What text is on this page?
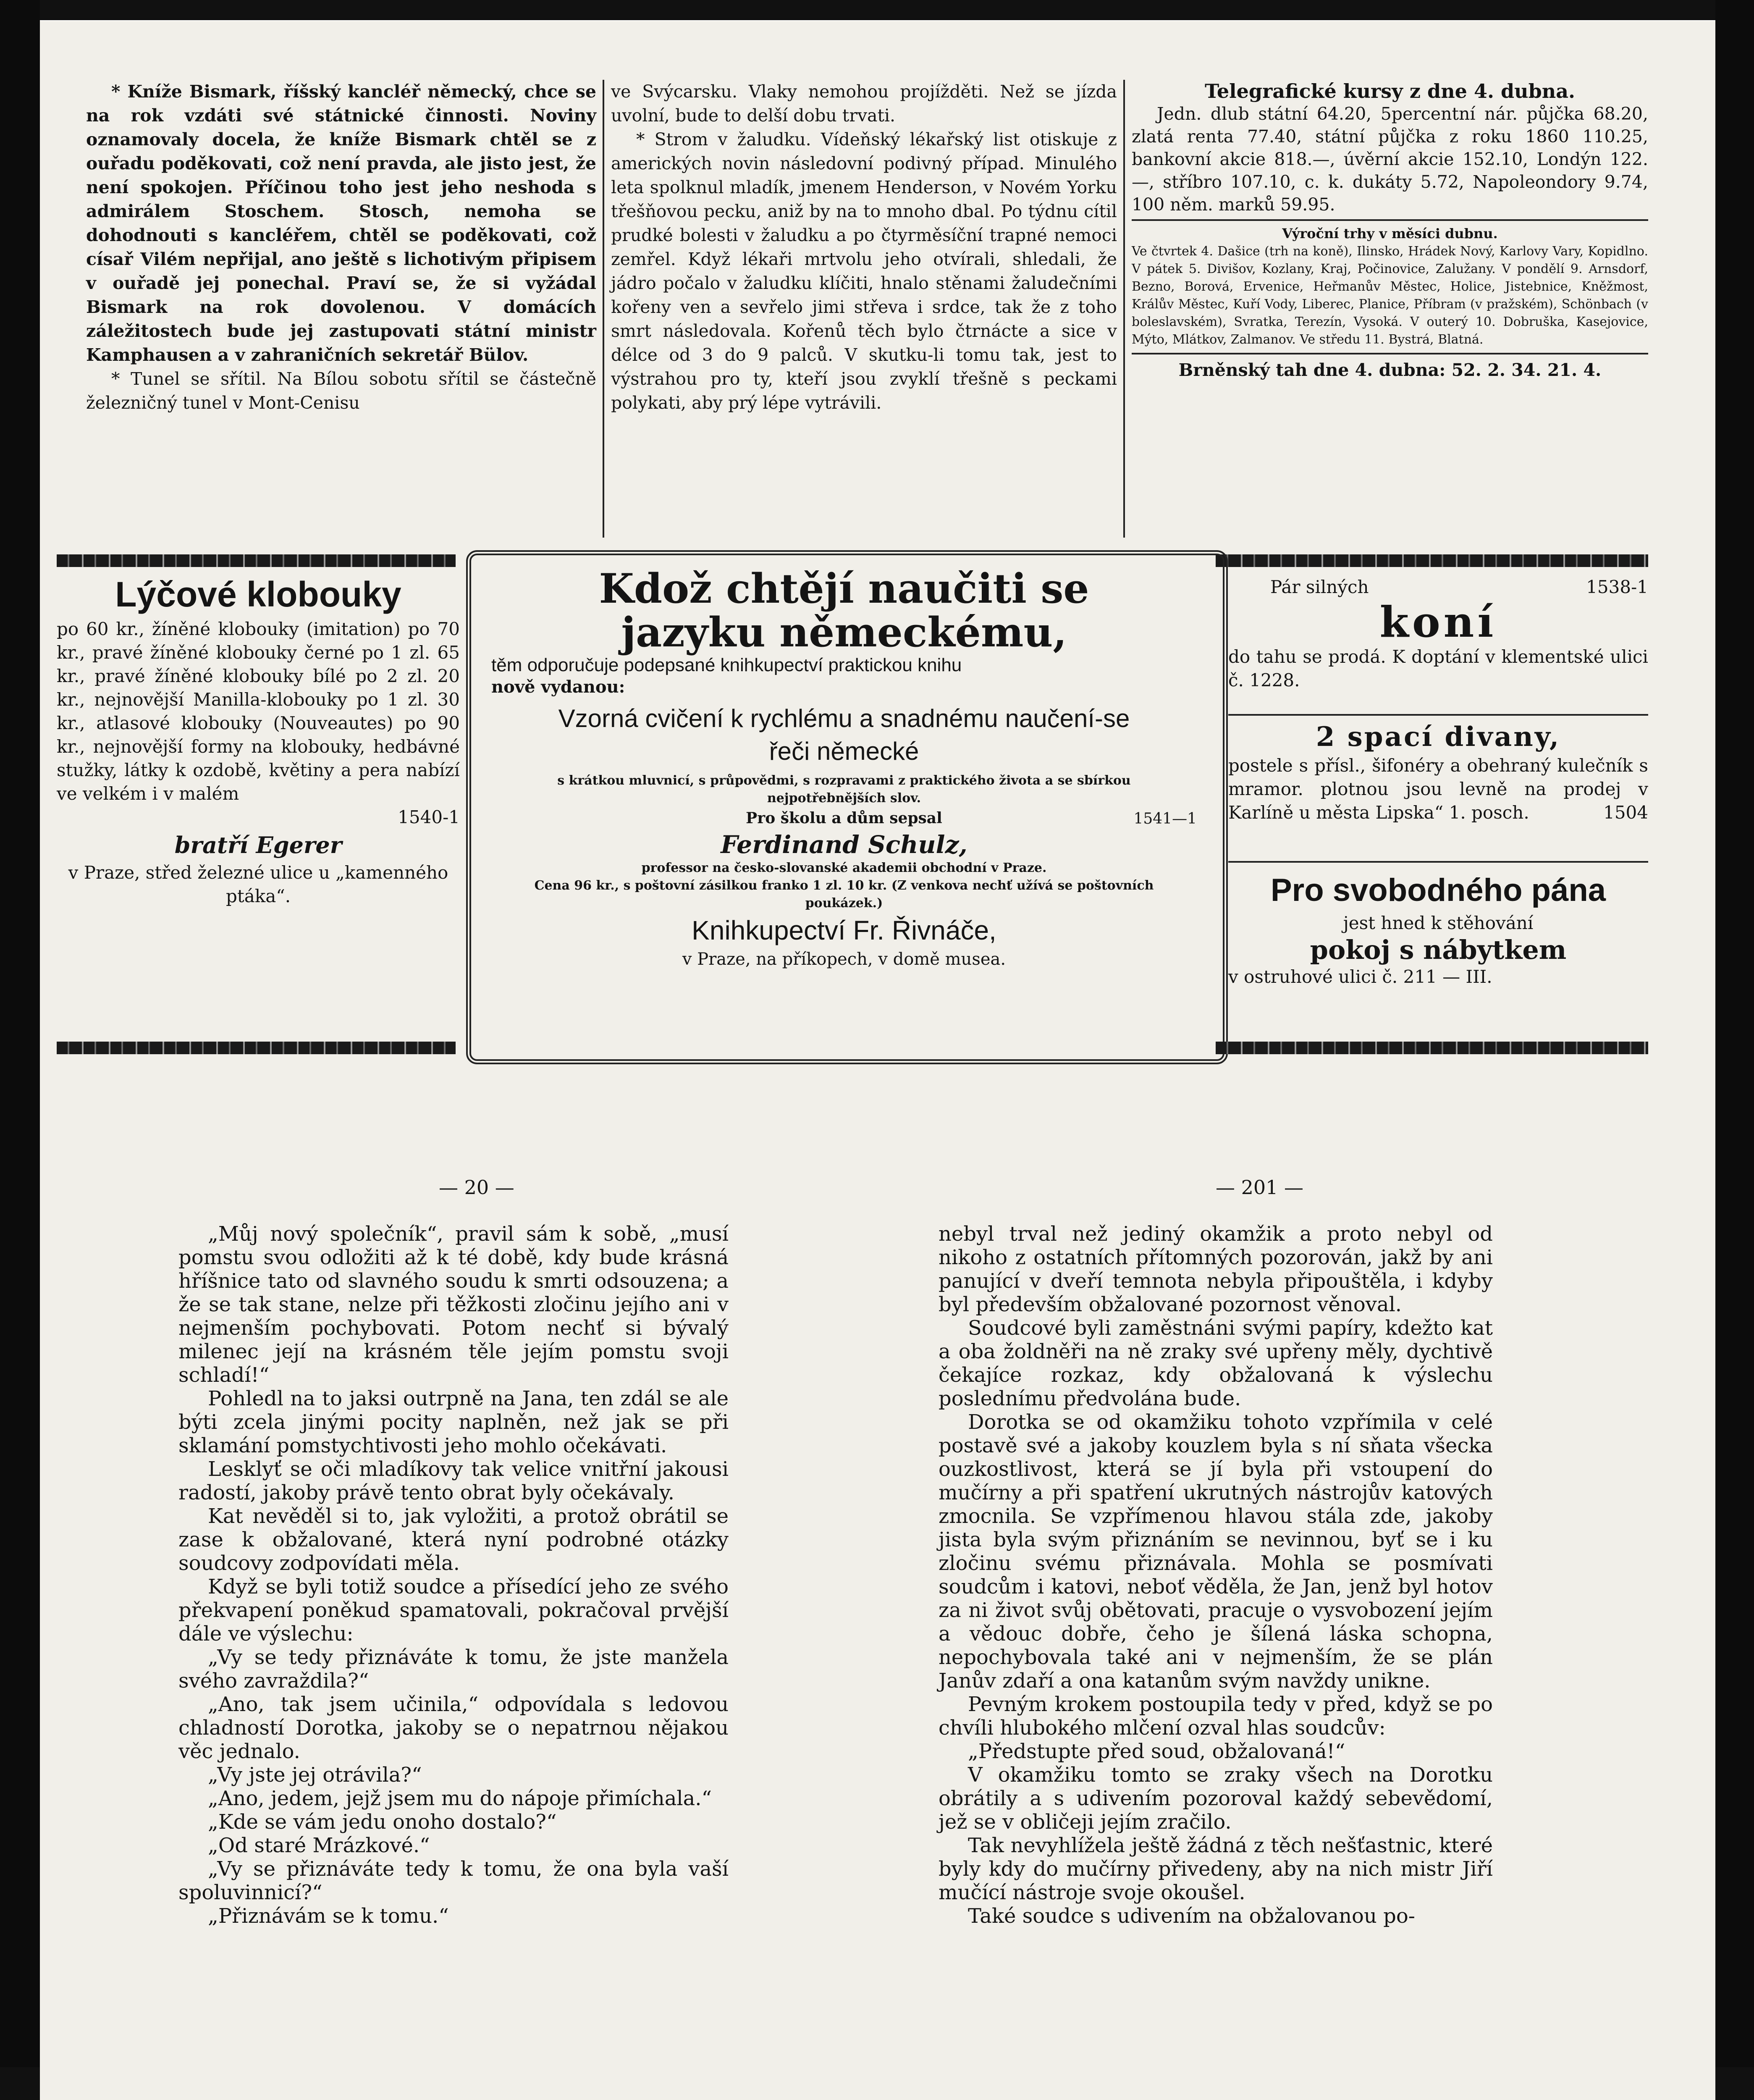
* Kníže Bismark, říšský kancléř německý, chce se na rok vzdáti své státnické činnosti. Noviny oznamovaly docela, že kníže Bismark chtěl se z ouřadu poděkovati, což není pravda, ale jisto jest, že není spokojen. Příčinou toho jest jeho neshoda s admirálem Stoschem. Stosch, nemoha se dohodnouti s kancléřem, chtěl se poděkovati, což císař Vilém nepřijal, ano ještě s lichotivým připisem v ouřadě jej ponechal. Praví se, že si vyžádal Bismark na rok dovolenou. V domácích záležitostech bude jej zastupovati státní ministr Kamphausen a v zahraničních sekretář Bülov.

* Tunel se sřítil. Na Bílou sobotu sřítil se částečně železničný tunel v Mont-Cenisu

ve Svýcarsku. Vlaky nemohou projížděti. Než se jízda uvolní, bude to delší dobu trvati.

* Strom v žaludku. Vídeňský lékařský list otiskuje z amerických novin následovní podivný případ. Minulého leta spolknul mladík, jmenem Henderson, v Novém Yorku třešňovou pecku, aniž by na to mnoho dbal. Po týdnu cítil prudké bolesti v žaludku a po čtyrměsíční trapné nemoci zemřel. Když lékaři mrtvolu jeho otvírali, shledali, že jádro počalo v žaludku klíčiti, hnalo stěnami žaludečními kořeny ven a sevřelo jimi střeva i srdce, tak že z toho smrt následovala. Kořenů těch bylo čtrnácte a sice v délce od 3 do 9 palců. V skutku-li tomu tak, jest to výstrahou pro ty, kteří jsou zvyklí třešně s peckami polykati, aby prý lépe vytrávili.

Telegrafické kursy z dne 4. dubna.

Jedn. dlub státní 64.20, 5percentní nár. půjčka 68.20, zlatá renta 77.40, státní půjčka z roku 1860 110.25, bankovní akcie 818.—, úvěrní akcie 152.10, Londýn 122.—, stříbro 107.10, c. k. dukáty 5.72, Napoleondory 9.74, 100 něm. marků 59.95.

Výroční trhy v měsíci dubnu.
Ve čtvrtek 4. Dašice (trh na koně), Ilinsko, Hrádek Nový, Karlovy Vary, Kopidlno. V pátek 5. Divišov, Kozlany, Kraj, Počinovice, Zalužany. V pondělí 9. Arnsdorf, Bezno, Borová, Ervenice, Heřmanův Městec, Holice, Jistebnice, Kněžmost, Králův Městec, Kuří Vody, Liberec, Planice, Příbram (v pražském), Schönbach (v boleslavském), Svratka, Terezín, Vysoká. V outerý 10. Dobruška, Kasejovice, Mýto, Mlátkov, Zalmanov. Ve středu 11. Bystrá, Blatná.
Brněnský tah dne 4. dubna: 52. 2. 34. 21. 4.
Lýčové klobouky
po 60 kr., žíněné klobouky (imitation) po 70 kr., pravé žíněné klobouky černé po 1 zl. 65 kr., pravé žíněné klobouky bílé po 2 zl. 20 kr., nejnovější Manilla-klobouky po 1 zl. 30 kr., atlasové klobouky (Nouveautes) po 90 kr., nejnovější formy na klobouky, hedbávné stužky, látky k ozdobě, květiny a pera nabízí ve velkém i v malém
1540-1
bratří Egerer
v Praze, střed železné ulice u „kamenného ptáka“.
Kdož chtějí naučiti se
jazyku německému,
těm odporučuje podepsané knihkupectví praktickou knihu
nově vydanou:
Vzorná cvičení k rychlému a snadnému naučení-se řeči německé
s krátkou mluvnicí, s průpovědmi, s rozpravami z praktického života a se sbírkou nejpotřebnějších slov.
Pro školu a dům sepsal	1541—1
Ferdinand Schulz,
professor na česko-slovanské akademii obchodní v Praze.
Cena 96 kr., s poštovní zásilkou franko 1 zl. 10 kr. (Z venkova nechť užívá se poštovních poukázek.)
Knihkupectví Fr. Řivnáče,
v Praze, na příkopech, v domě musea.
Pár silných	1538-1
koní
do tahu se prodá. K doptání v klementské ulici č. 1228.
2 spací divany,
postele s přísl., šifonéry a obehraný kulečník s mramor. plotnou jsou levně na prodej v Karlíně u města Lipska“ 1. posch.	1504
Pro svobodného pána
jest hned k stěhování
pokoj s nábytkem
v ostruhové ulici č. 211 — III.
— 20 —	— 201 —

„Můj nový společník“, pravil sám k sobě, „musí pomstu svou odložiti až k té době, kdy bude krásná hříšnice tato od slavného soudu k smrti odsouzena; a že se tak stane, nelze při těžkosti zločinu jejího ani v nejmenším pochybovati. Potom nechť si bývalý milenec její na krásném těle jejím pomstu svoji schladí!“

Pohledl na to jaksi outrpně na Jana, ten zdál se ale býti zcela jinými pocity naplněn, než jak se při sklamání pomstychtivosti jeho mohlo očekávati.

Lesklyť se oči mladíkovy tak velice vnitřní jakousi radostí, jakoby právě tento obrat byly očekávaly.

Kat nevěděl si to, jak vyložiti, a protož obrátil se zase k obžalované, která nyní podrobné otázky soudcovy zodpovídati měla.

Když se byli totiž soudce a přísedící jeho ze svého překvapení poněkud spamatovali, pokračoval prvější dále ve výslechu:

„Vy se tedy přiznáváte k tomu, že jste manžela svého zavraždila?“

„Ano, tak jsem učinila,“ odpovídala s ledovou chladností Dorotka, jakoby se o nepatrnou nějakou věc jednalo.

„Vy jste jej otrávila?“

„Ano, jedem, jejž jsem mu do nápoje přimíchala.“

„Kde se vám jedu onoho dostalo?“

„Od staré Mrázkové.“

„Vy se přiznáváte tedy k tomu, že ona byla vaší spoluvinnicí?“

„Přiznávám se k tomu.“

nebyl trval než jediný okamžik a proto nebyl od nikoho z ostatních přítomných pozorován, jakž by ani panující v dveří temnota nebyla připouštěla, i kdyby byl především obžalované pozornost věnoval.

Soudcové byli zaměstnáni svými papíry, kdežto kat a oba žoldněři na ně zraky své upřeny měly, dychtivě čekajíce rozkaz, kdy obžalovaná k výslechu poslednímu předvolána bude.

Dorotka se od okamžiku tohoto vzpřímila v celé postavě své a jakoby kouzlem byla s ní sňata všecka ouzkostlivost, která se jí byla při vstoupení do mučírny a při spatření ukrutných nástrojův katových zmocnila. Se vzpřímenou hlavou stála zde, jakoby jista byla svým přiznáním se nevinnou, byť se i ku zločinu svému přiznávala. Mohla se posmívati soudcům i katovi, neboť věděla, že Jan, jenž byl hotov za ni život svůj obětovati, pracuje o vysvobození jejím a vědouc dobře, čeho je šílená láska schopna, nepochybovala také ani v nejmenším, že se plán Janův zdaří a ona katanům svým navždy unikne.

Pevným krokem postoupila tedy v před, když se po chvíli hlubokého mlčení ozval hlas soudcův:

„Předstupte před soud, obžalovaná!“

V okamžiku tomto se zraky všech na Dorotku obrátily a s udivením pozoroval každý sebevědomí, jež se v obličeji jejím zračilo.

Tak nevyhlížela ještě žádná z těch nešťastnic, které byly kdy do mučírny přivedeny, aby na nich mistr Jiří mučící nástroje svoje okoušel.

Také soudce s udivením na obžalovanou po-
